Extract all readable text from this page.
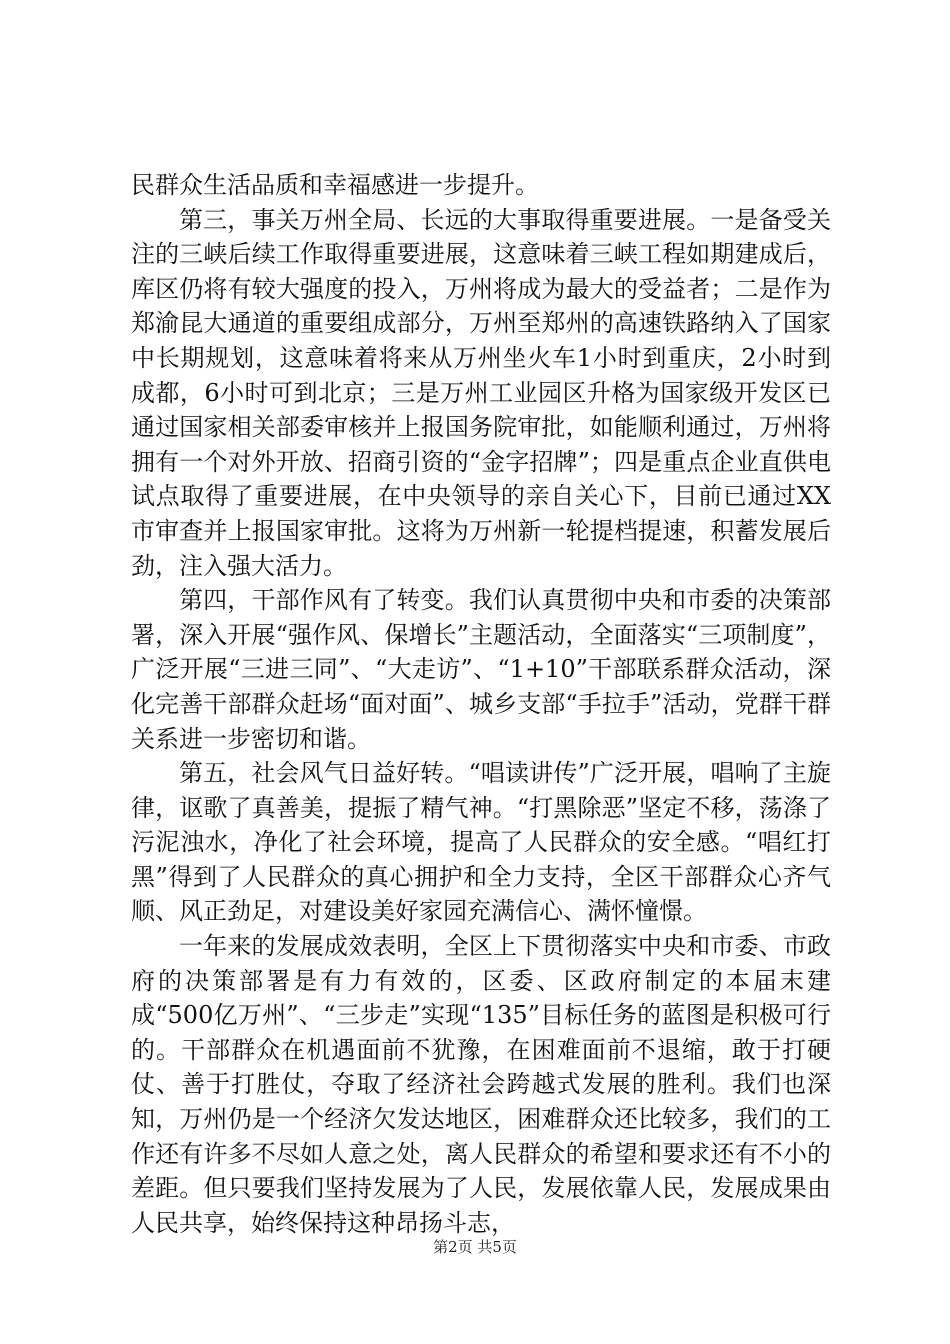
民群众生活品质和幸福感进一步提升。

第三，事关万州全局、长远的大事取得重要进展。一是备受关注的三峡后续工作取得重要进展，这意味着三峡工程如期建成后，库区仍将有较大强度的投入，万州将成为最大的受益者；二是作为郑渝昆大通道的重要组成部分，万州至郑州的高速铁路纳入了国家中长期规划，这意味着将来从万州坐火车1小时到重庆，2小时到成都，6小时可到北京；三是万州工业园区升格为国家级开发区已通过国家相关部委审核并上报国务院审批，如能顺利通过，万州将拥有一个对外开放、招商引资的“金字招牌”；四是重点企业直供电试点取得了重要进展，在中央领导的亲自关心下，目前已通过XX市审查并上报国家审批。这将为万州新一轮提档提速，积蓄发展后劲，注入强大活力。

第四，干部作风有了转变。我们认真贯彻中央和市委的决策部署，深入开展“强作风、保增长”主题活动，全面落实“三项制度”，广泛开展“三进三同”、“大走访”、“1+10”干部联系群众活动，深化完善干部群众赶场“面对面”、城乡支部“手拉手”活动，党群干群关系进一步密切和谐。

第五，社会风气日益好转。“唱读讲传”广泛开展，唱响了主旋律，讴歌了真善美，提振了精气神。“打黑除恶”坚定不移，荡涤了污泥浊水，净化了社会环境，提高了人民群众的安全感。“唱红打黑”得到了人民群众的真心拥护和全力支持，全区干部群众心齐气顺、风正劲足，对建设美好家园充满信心、满怀憧憬。

一年来的发展成效表明，全区上下贯彻落实中央和市委、市政府的决策部署是有力有效的，区委、区政府制定的本届末建成“500亿万州”、“三步走”实现“135”目标任务的蓝图是积极可行的。干部群众在机遇面前不犹豫，在困难面前不退缩，敢于打硬仗、善于打胜仗，夺取了经济社会跨越式发展的胜利。我们也深知，万州仍是一个经济欠发达地区，困难群众还比较多，我们的工作还有许多不尽如人意之处，离人民群众的希望和要求还有不小的差距。但只要我们坚持发展为了人民，发展依靠人民，发展成果由人民共享，始终保持这种昂扬斗志，

第2页 共5页
